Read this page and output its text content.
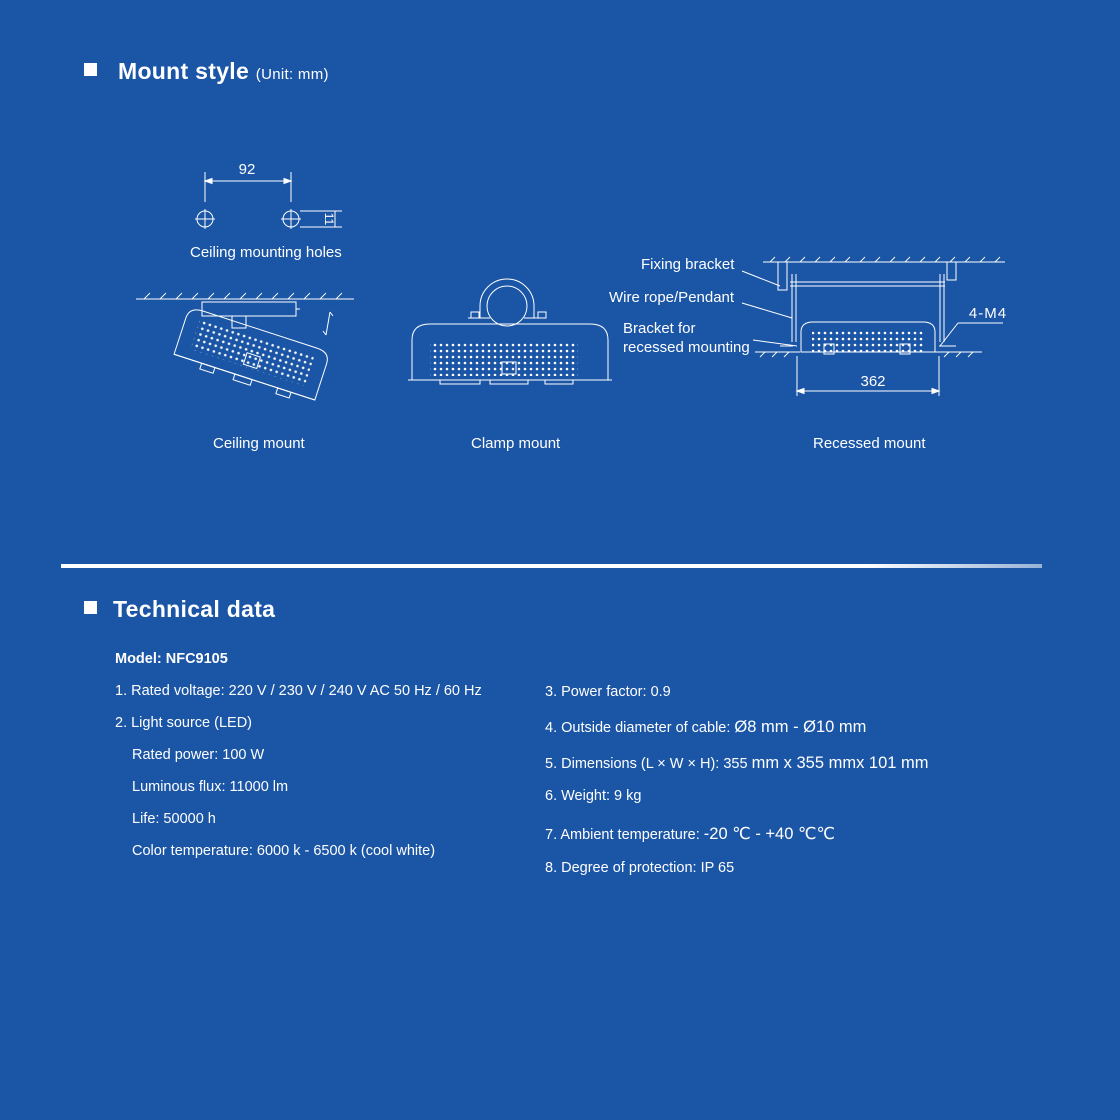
Mount style (Unit: mm)
92
11
4-M4
362
Ceiling mounting holes
Fixing bracket
Wire rope/Pendant
Bracket for
recessed mounting
Ceiling mount	Clamp mount	Recessed mount
Technical data
Model: NFC9105
1. Rated voltage: 220 V / 230 V / 240 V AC 50 Hz / 60 Hz
2. Light source (LED)
Rated power: 100 W
Luminous flux: 11000 lm
Life: 50000 h
Color temperature: 6000 k - 6500 k (cool white)
3. Power factor: 0.9
4. Outside diameter of cable: Ø8 mm - Ø10 mm
5. Dimensions (L × W × H): 355 mm x 355 mmx 101 mm
6. Weight: 9 kg
7. Ambient temperature: -20 ℃ - +40 ℃℃
8. Degree of protection: IP 65
